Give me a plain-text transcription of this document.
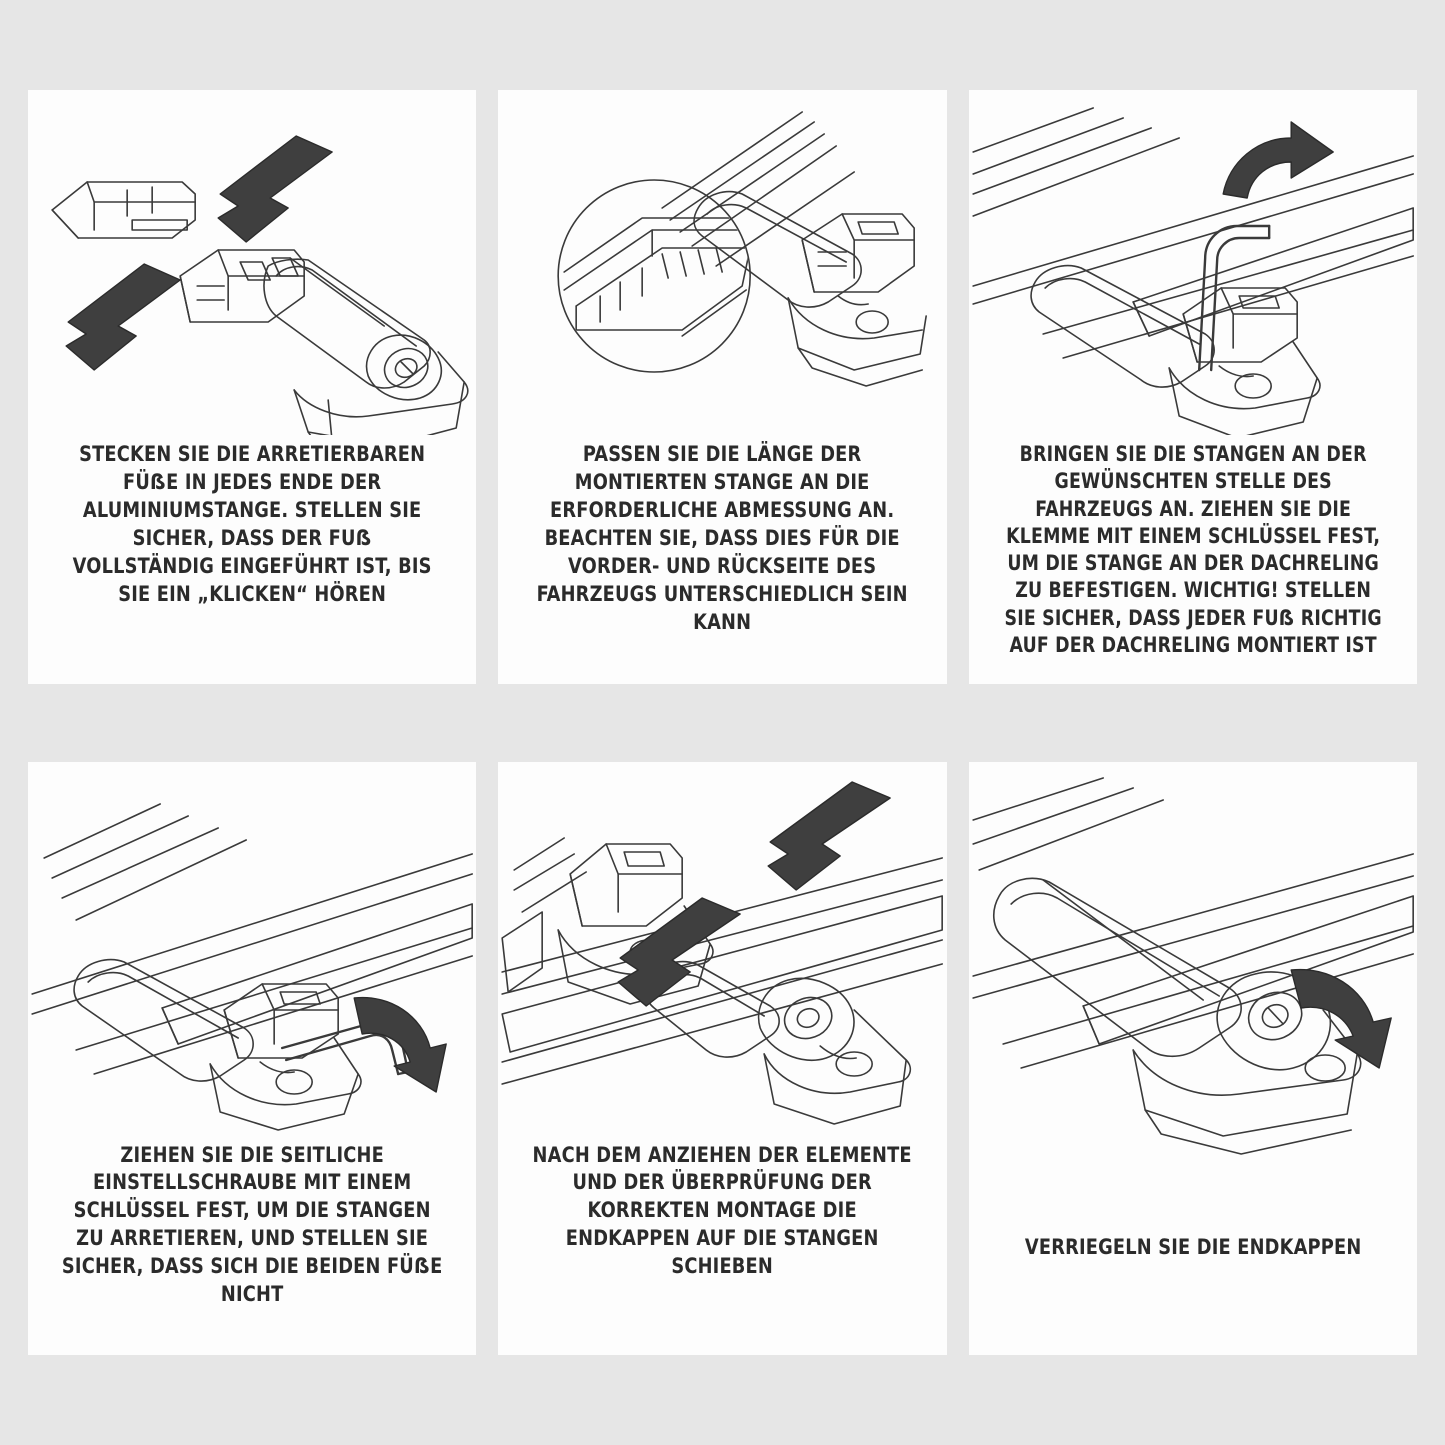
STECKEN SIE DIE ARRETIERBAREN FÜẞE IN JEDES ENDE DER ALUMINIUMSTANGE. STELLEN SIE SICHER, DASS DER FUẞ VOLLSTÄNDIG EINGEFÜHRT IST, BIS SIE EIN „KLICKEN“ HÖREN
PASSEN SIE DIE LÄNGE DER MONTIERTEN STANGE AN DIE ERFORDERLICHE ABMESSUNG AN. BEACHTEN SIE, DASS DIES FÜR DIE VORDER- UND RÜCKSEITE DES FAHRZEUGS UNTERSCHIEDLICH SEIN KANN
BRINGEN SIE DIE STANGEN AN DER GEWÜNSCHTEN STELLE DES FAHRZEUGS AN. ZIEHEN SIE DIE KLEMME MIT EINEM SCHLÜSSEL FEST, UM DIE STANGE AN DER DACHRELING ZU BEFESTIGEN. WICHTIG! STELLEN SIE SICHER, DASS JEDER FUẞ RICHTIG AUF DER DACHRELING MONTIERT IST
ZIEHEN SIE DIE SEITLICHE EINSTELLSCHRAUBE MIT EINEM SCHLÜSSEL FEST, UM DIE STANGEN ZU ARRETIEREN, UND STELLEN SIE SICHER, DASS SICH DIE BEIDEN FÜẞE NICHT
NACH DEM ANZIEHEN DER ELEMENTE UND DER ÜBERPRÜFUNG DER KORREKTEN MONTAGE DIE ENDKAPPEN AUF DIE STANGEN SCHIEBEN
VERRIEGELN SIE DIE ENDKAPPEN
